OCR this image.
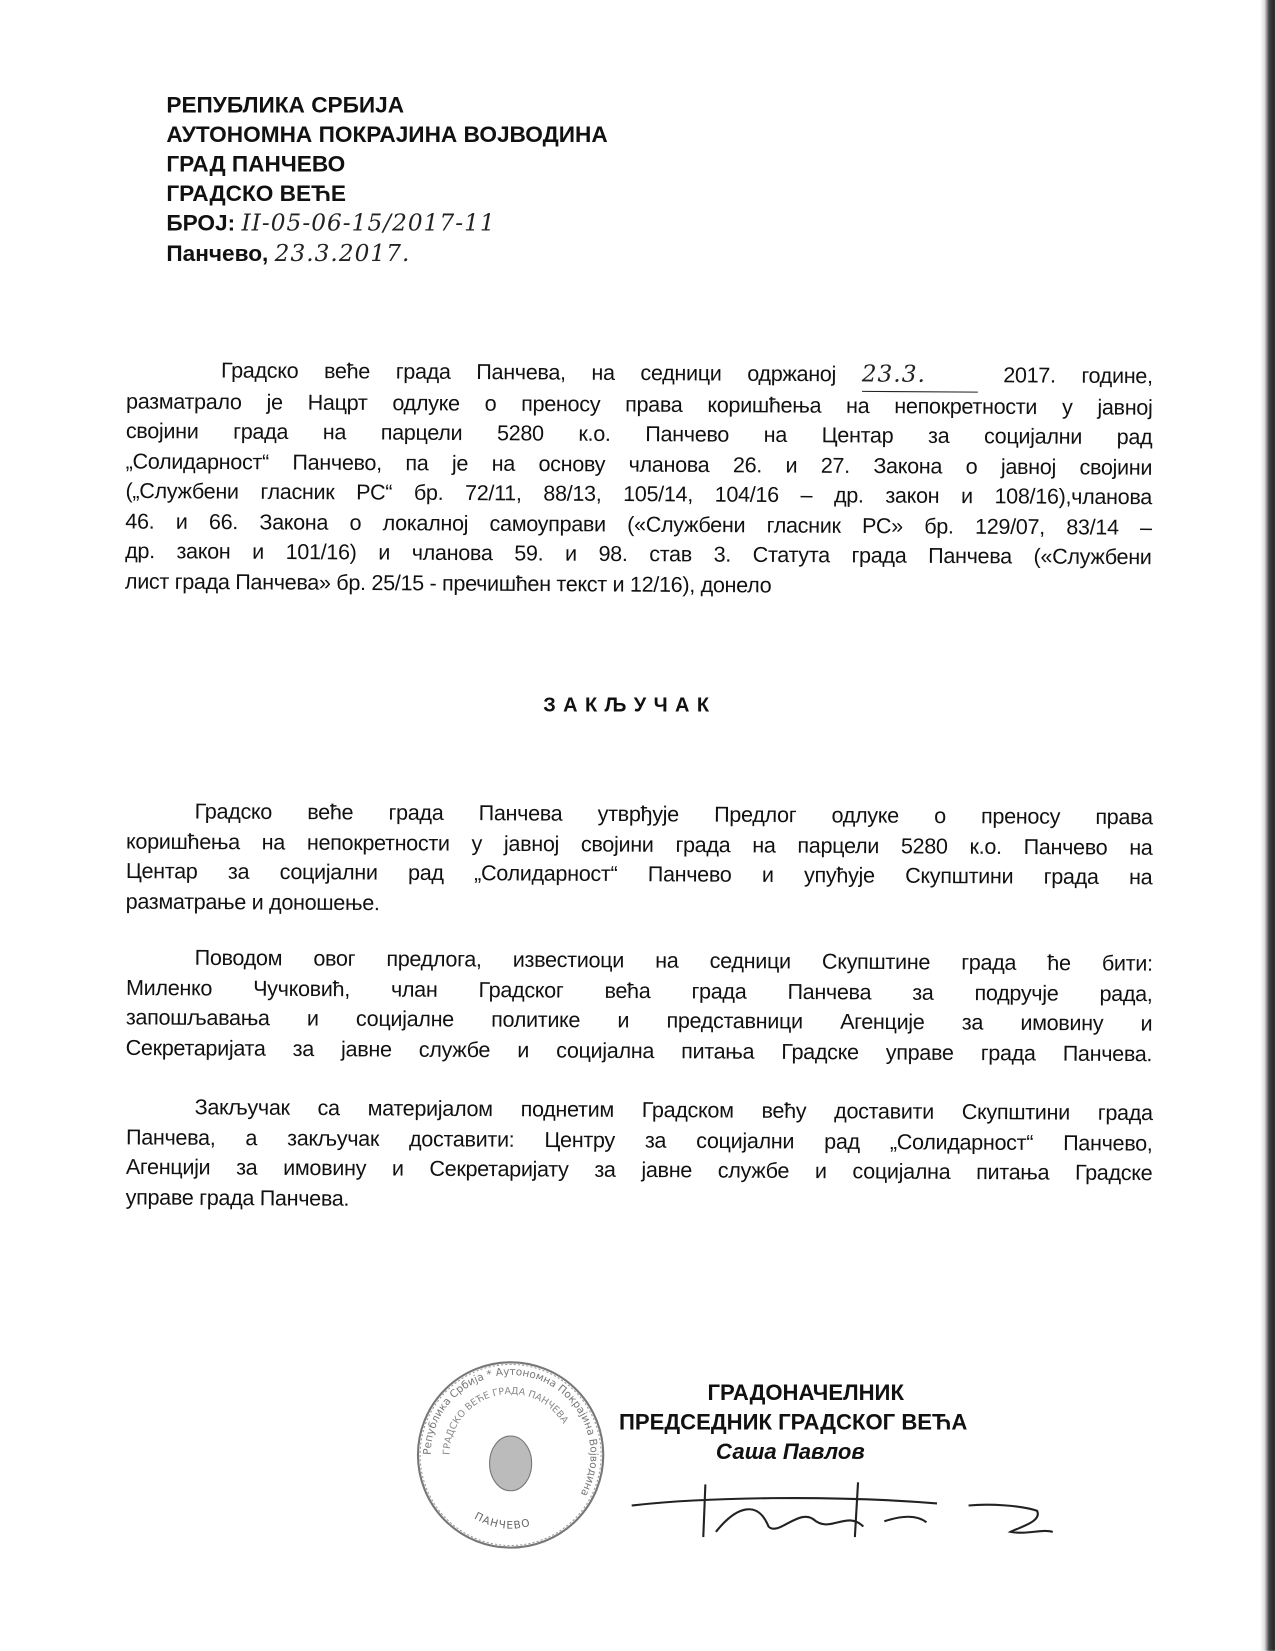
РЕПУБЛИКА СРБИЈА
АУТОНОМНА ПОКРАЈИНА ВОЈВОДИНА
ГРАД ПАНЧЕВО
ГРАДСКО ВЕЋЕ
БРОЈ: II-05-06-15/2017-11
Панчево, 23.3.2017.
Градско веће града Панчева, на седници одржаној 23.3.	2017. године,
разматрало је Нацрт одлуке о преносу права коришћења на непокретности у јавној
својини града на парцели 5280 к.о. Панчево на Центар за социјални рад
„Солидарност“ Панчево, па је на основу чланова 26. и 27. Закона о јавној својини
(„Службени гласник РС“ бр. 72/11, 88/13, 105/14, 104/16 – др. закон и 108/16),чланова
46. и 66. Закона о локалној самоуправи («Службени гласник РС» бр. 129/07, 83/14 –
др. закон и 101/16) и чланова 59. и 98. став 3. Статута града Панчева («Службени
лист града Панчева» бр. 25/15 - пречишћен текст и 12/16), донело
ЗАКЉУЧАК
Градско веће града Панчева утврђује Предлог одлуке о преносу права
коришћења на непокретности у јавној својини града на парцели 5280 к.о. Панчево на
Центар за социјални рад „Солидарност“ Панчево и упућује Скупштини града на
разматрање и доношење.
Поводом овог предлога, известиоци на седници Скупштине града ће бити:
Миленко Чучковић, члан Градског већа града Панчева за подручје рада,
запошљавања и социјалне политике и представници Агенције за имовину и
Секретаријата за јавне службе и социјална питања Градске управе града Панчева.
Закључак са материјалом поднетим Градском већу доставити Скупштини града
Панчева, а закључак доставити: Центру за социјални рад „Солидарност“ Панчево,
Агенцији за имовину и Секретаријату за јавне службе и социјална питања Градске
управе града Панчева.
Република Србија * Аутономна Покрајина Војводина
ГРАДСКО ВЕЋЕ ГРАДА ПАНЧЕВА
ПАНЧЕВО
ГРАДОНАЧЕЛНИК
ПРЕДСЕДНИК ГРАДСКОГ ВЕЋА
Саша Павлов
